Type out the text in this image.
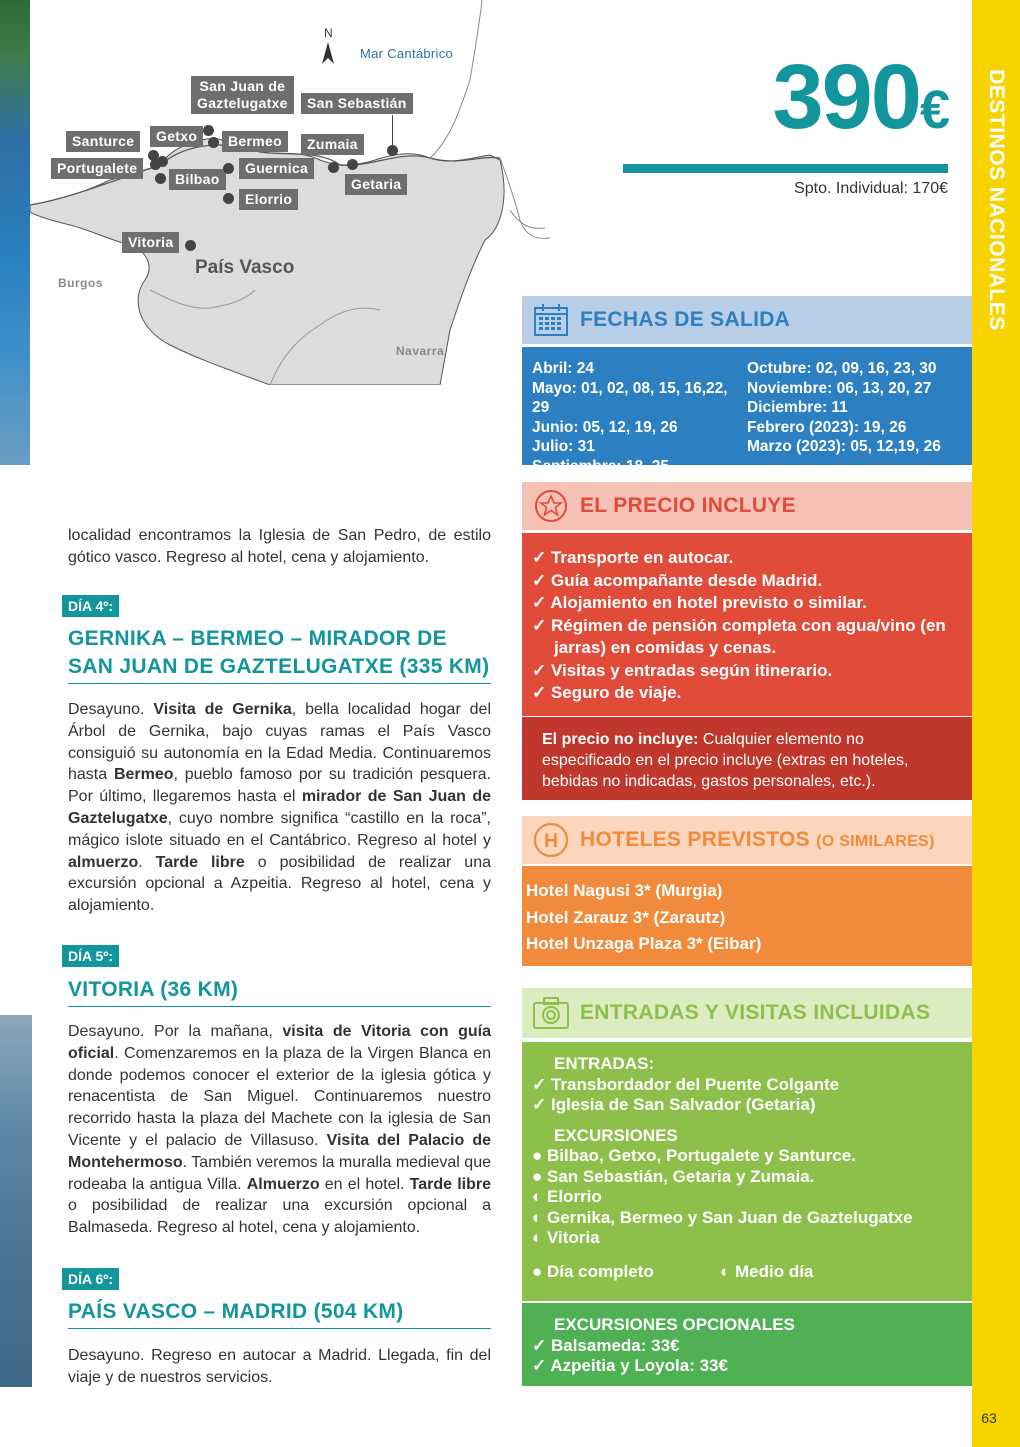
N
Mar Cantábrico
Burgos
Navarra
País Vasco
San Juan de
Gaztelugatxe	San Sebastián
Santurce	Getxo	Bermeo	Zumaia
Portugalete	Guernica
Bilbao	Getaria
Elorrio
Vitoria	DESTINOS NACIONALES
63
390€
Spto. Individual: 170€
FECHAS DE SALIDA
Abril: 24
Mayo: 01, 02, 08, 15, 16,22, 29
Junio: 05, 12, 19, 26
Julio: 31
Septiembre: 18, 25
Octubre: 02, 09, 16, 23, 30
Noviembre: 06, 13, 20, 27
Diciembre: 11
Febrero (2023): 19, 26
Marzo (2023): 05, 12,19, 26
EL PRECIO INCLUYE
✓ Transporte en autocar.
✓ Guía acompañante desde Madrid.
✓ Alojamiento en hotel previsto o similar.
✓ Régimen de pensión completa con agua/vino (en jarras) en comidas y cenas.
✓ Visitas y entradas según itinerario.
✓ Seguro de viaje.
El precio no incluye: Cualquier elemento no especificado en el precio incluye (extras en hoteles, bebidas no indicadas, gastos personales, etc.).
H HOTELES PREVISTOS (O SIMILARES)
Hotel Nagusi 3* (Murgia)
Hotel Zarauz 3* (Zarautz)
Hotel Unzaga Plaza 3* (Eibar)
ENTRADAS Y VISITAS INCLUIDAS
ENTRADAS:
✓ Transbordador del Puente Colgante
✓ Iglesia de San Salvador (Getaria)
EXCURSIONES
● Bilbao, Getxo, Portugalete y Santurce.
● San Sebastián, Getaria y Zumaia.
◐ Elorrio
◐ Gernika, Bermeo y San Juan de Gaztelugatxe
◐ Vitoria
● Día completo	◐ Medio día
EXCURSIONES OPCIONALES
✓ Balsameda: 33€
✓ Azpeitia y Loyola: 33€
localidad encontramos la Iglesia de San Pedro, de estilo gótico vasco. Regreso al hotel, cena y alojamiento.
DÍA 4º:
GERNIKA – BERMEO – MIRADOR DE SAN JUAN DE GAZTELUGATXE (335 KM)
Desayuno. Visita de Gernika, bella localidad hogar del Árbol de Gernika, bajo cuyas ramas el País Vasco consiguió su autonomía en la Edad Media. Continuaremos hasta Bermeo, pueblo famoso por su tradición pesquera. Por último, llegaremos hasta el mirador de San Juan de Gaztelugatxe, cuyo nombre significa “castillo en la roca”, mágico islote situado en el Cantábrico. Regreso al hotel y almuerzo. Tarde libre o posibilidad de realizar una excursión opcional a Azpeitia. Regreso al hotel, cena y alojamiento.
DÍA 5º:
VITORIA (36 KM)
Desayuno. Por la mañana, visita de Vitoria con guía oficial. Comenzaremos en la plaza de la Virgen Blanca en donde podemos conocer el exterior de la iglesia gótica y renacentista de San Miguel. Continuaremos nuestro recorrido hasta la plaza del Machete con la iglesia de San Vicente y el palacio de Villasuso. Visita del Palacio de Montehermoso. También veremos la muralla medieval que rodeaba la antigua Villa. Almuerzo en el hotel. Tarde libre o posibilidad de realizar una excursión opcional a Balmaseda. Regreso al hotel, cena y alojamiento.
DÍA 6º:
PAÍS VASCO – MADRID (504 KM)
Desayuno. Regreso en autocar a Madrid. Llegada, fin del viaje y de nuestros servicios.
